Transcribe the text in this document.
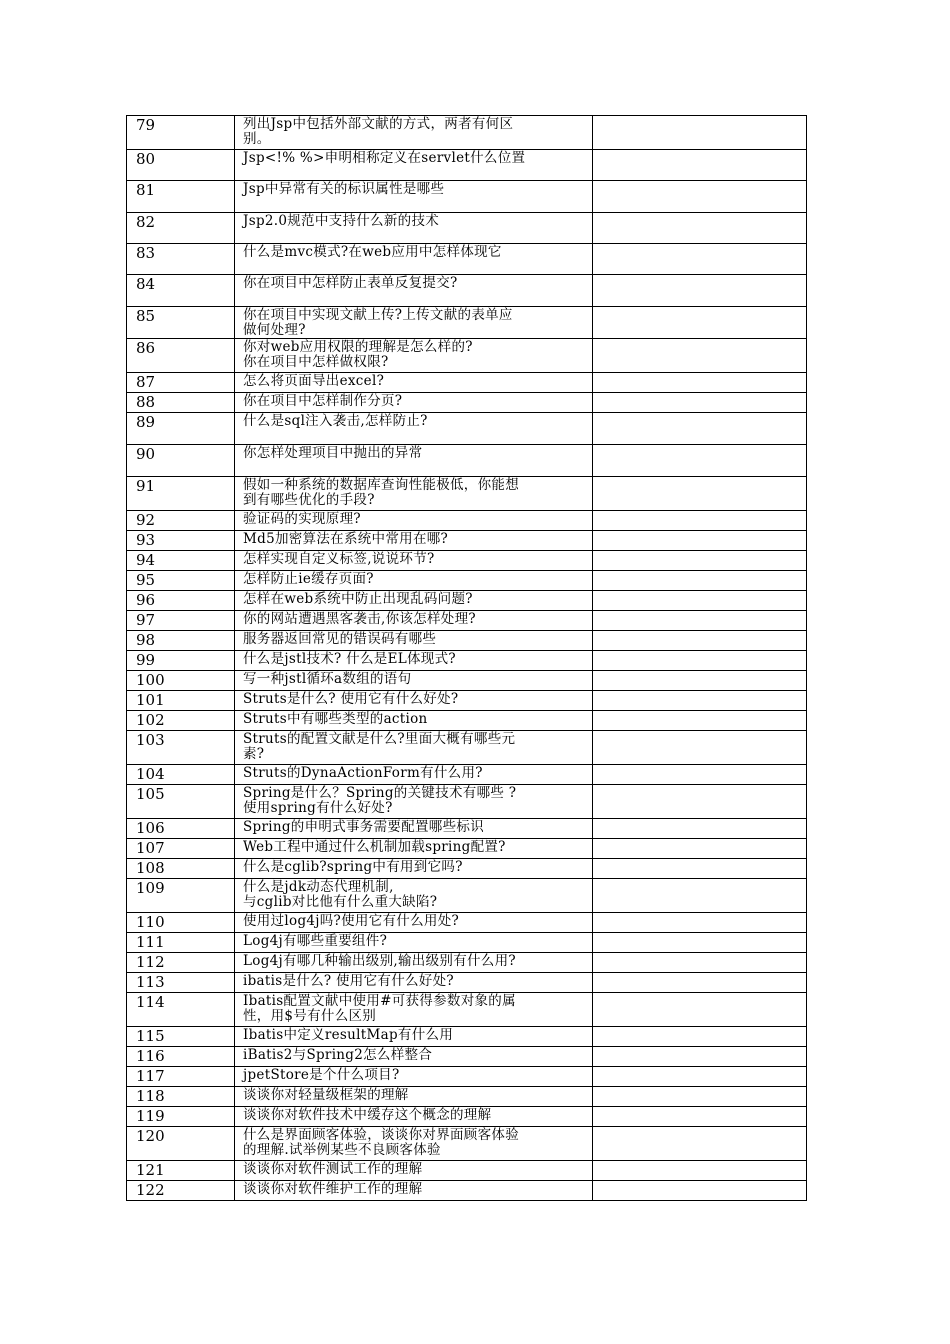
79	列出Jsp中包括外部文献的方式，两者有何区
别。	
80	Jsp<!% %>申明相称定义在servlet什么位置	
81	Jsp中异常有关的标识属性是哪些	
82	Jsp2.0规范中支持什么新的技术	
83	什么是mvc模式?在web应用中怎样体现它	
84	你在项目中怎样防止表单反复提交?	
85	你在项目中实现文献上传?上传文献的表单应
做何处理?	
86	你对web应用权限的理解是怎么样的?
你在项目中怎样做权限?	
87	怎么将页面导出excel?	
88	你在项目中怎样制作分页?	
89	什么是sql注入袭击,怎样防止?	
90	你怎样处理项目中抛出的异常	
91	假如一种系统的数据库查询性能极低，你能想
到有哪些优化的手段?	
92	验证码的实现原理?	
93	Md5加密算法在系统中常用在哪?	
94	怎样实现自定义标签,说说环节?	
95	怎样防止ie缓存页面?	
96	怎样在web系统中防止出现乱码问题?	
97	你的网站遭遇黑客袭击,你该怎样处理?	
98	服务器返回常见的错误码有哪些	
99	什么是jstl技术? 什么是EL体现式?	
100	写一种jstl循环a数组的语句	
101	Struts是什么? 使用它有什么好处?	
102	Struts中有哪些类型的action	
103	Struts的配置文献是什么?里面大概有哪些元
素?	
104	Struts的DynaActionForm有什么用?	
105	Spring是什么？Spring的关键技术有哪些 ?
使用spring有什么好处?	
106	Spring的申明式事务需要配置哪些标识	
107	Web工程中通过什么机制加载spring配置?	
108	什么是cglib?spring中有用到它吗?	
109	什么是jdk动态代理机制,
与cglib对比他有什么重大缺陷?	
110	使用过log4j吗?使用它有什么用处?	
111	Log4j有哪些重要组件?	
112	Log4j有哪几种输出级别,输出级别有什么用?	
113	ibatis是什么? 使用它有什么好处?	
114	Ibatis配置文献中使用#可获得参数对象的属
性，用$号有什么区别	
115	Ibatis中定义resultMap有什么用	
116	iBatis2与Spring2怎么样整合	
117	jpetStore是个什么项目?	
118	谈谈你对轻量级框架的理解	
119	谈谈你对软件技术中缓存这个概念的理解	
120	什么是界面顾客体验，谈谈你对界面顾客体验
的理解.试举例某些不良顾客体验	
121	谈谈你对软件测试工作的理解	
122	谈谈你对软件维护工作的理解	
